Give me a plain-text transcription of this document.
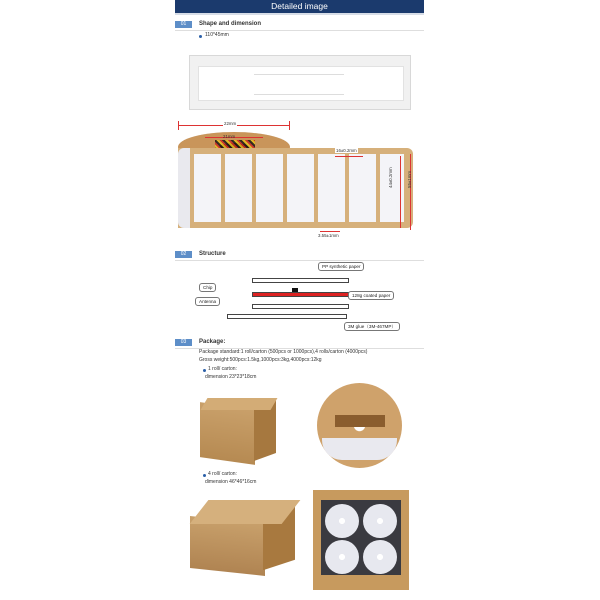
Detailed image
01	Shape and dimension
110*45mm
22mm
21mm
44±0.2mm	55±1mm
16±0.2mm
3.55±1mm
02	Structure
PP synthetic paper
Chip
128g coated paper
Antenna
3M glue（3M-467MP）
03	Package:
Package standard:1 roll/carton (500pcs or 1000pcs),4 rolls/carton (4000pcs)
Gross weight:500pcs:1.5kg,1000pcs:3kg,4000pcs:12kg
1 roll/ carton:
dimension 23*23*18cm
4 roll/ carton:
dimension 46*46*16cm
